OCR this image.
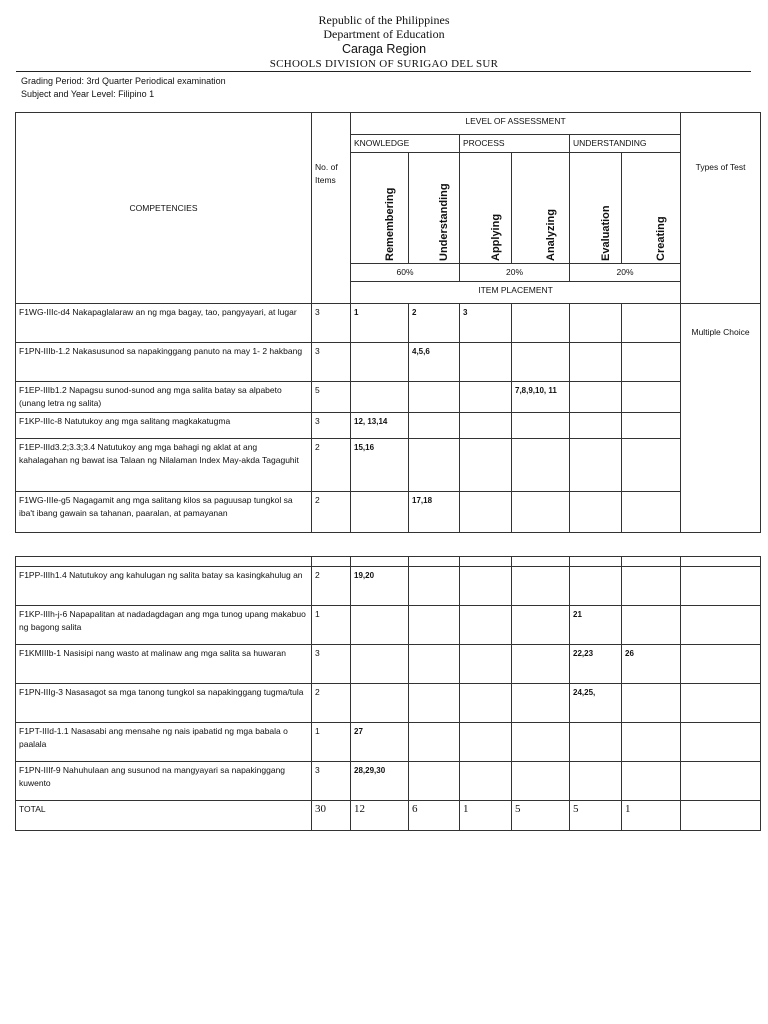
Republic of the Philippines
Department of Education
Caraga Region
SCHOOLS DIVISION OF SURIGAO DEL SUR
Grading Period: 3rd Quarter Periodical examination
Subject and Year Level: Filipino 1
COMPETENCIES	No. of Items	LEVEL OF ASSESSMENT						Types of Test
		KNOWLEDGE		PROCESS		UNDERSTANDING		

		Remembering	Understanding	Applying	Analyzing	Evaluation	Creating	

		60%		20%		20%		
		ITEM PLACEMENT						
F1WG-IIIc-d4 Nakapaglalaraw an ng mga bagay, tao, pangyayari, at lugar	3	1	2	3				Multiple Choice
F1PN-IIIb-1.2 Nakasusunod sa napakinggang panuto na may 1- 2 hakbang	3		4,5,6					
F1EP-IIIb1.2 Napagsu sunod-sunod ang mga salita batay sa alpabeto (unang letra ng salita)	5				7,8,9,10, 11			
F1KP-IIIc-8 Natutukoy ang mga salitang magkakatugma	3	12, 13,14						
F1EP-IIId3.2;3.3;3.4 Natutukoy ang mga bahagi ng aklat at ang kahalagahan ng bawat isa Talaan ng Nilalaman Index May-akda Tagaguhit	2	15,16						
F1WG-IIIe-g5 Nagagamit ang mga salitang kilos sa paguusap tungkol sa iba't ibang gawain sa tahanan, paaralan, at pamayanan	2		17,18					

F1PP-IIIh1.4 Natutukoy ang kahulugan ng salita batay sa kasingkahulug an	2	19,20						
F1KP-IIIh-j-6 Napapalitan at nadadagdagan ang mga tunog upang makabuo ng bagong salita	1					21		
F1KMIIIb-1 Nasisipi nang wasto at malinaw ang mga salita sa huwaran	3					22,23	26	
F1PN-IIIg-3 Nasasagot sa mga tanong tungkol sa napakinggang tugma/tula	2					24,25,		
F1PT-IIId-1.1 Nasasabi ang mensahe ng nais ipabatid ng mga babala o paalala	1	27						
F1PN-IIIf-9 Nahuhulaan ang susunod na mangyayari sa napakinggang kuwento	3	28,29,30						
TOTAL	30	12	6	1	5	5	1	
